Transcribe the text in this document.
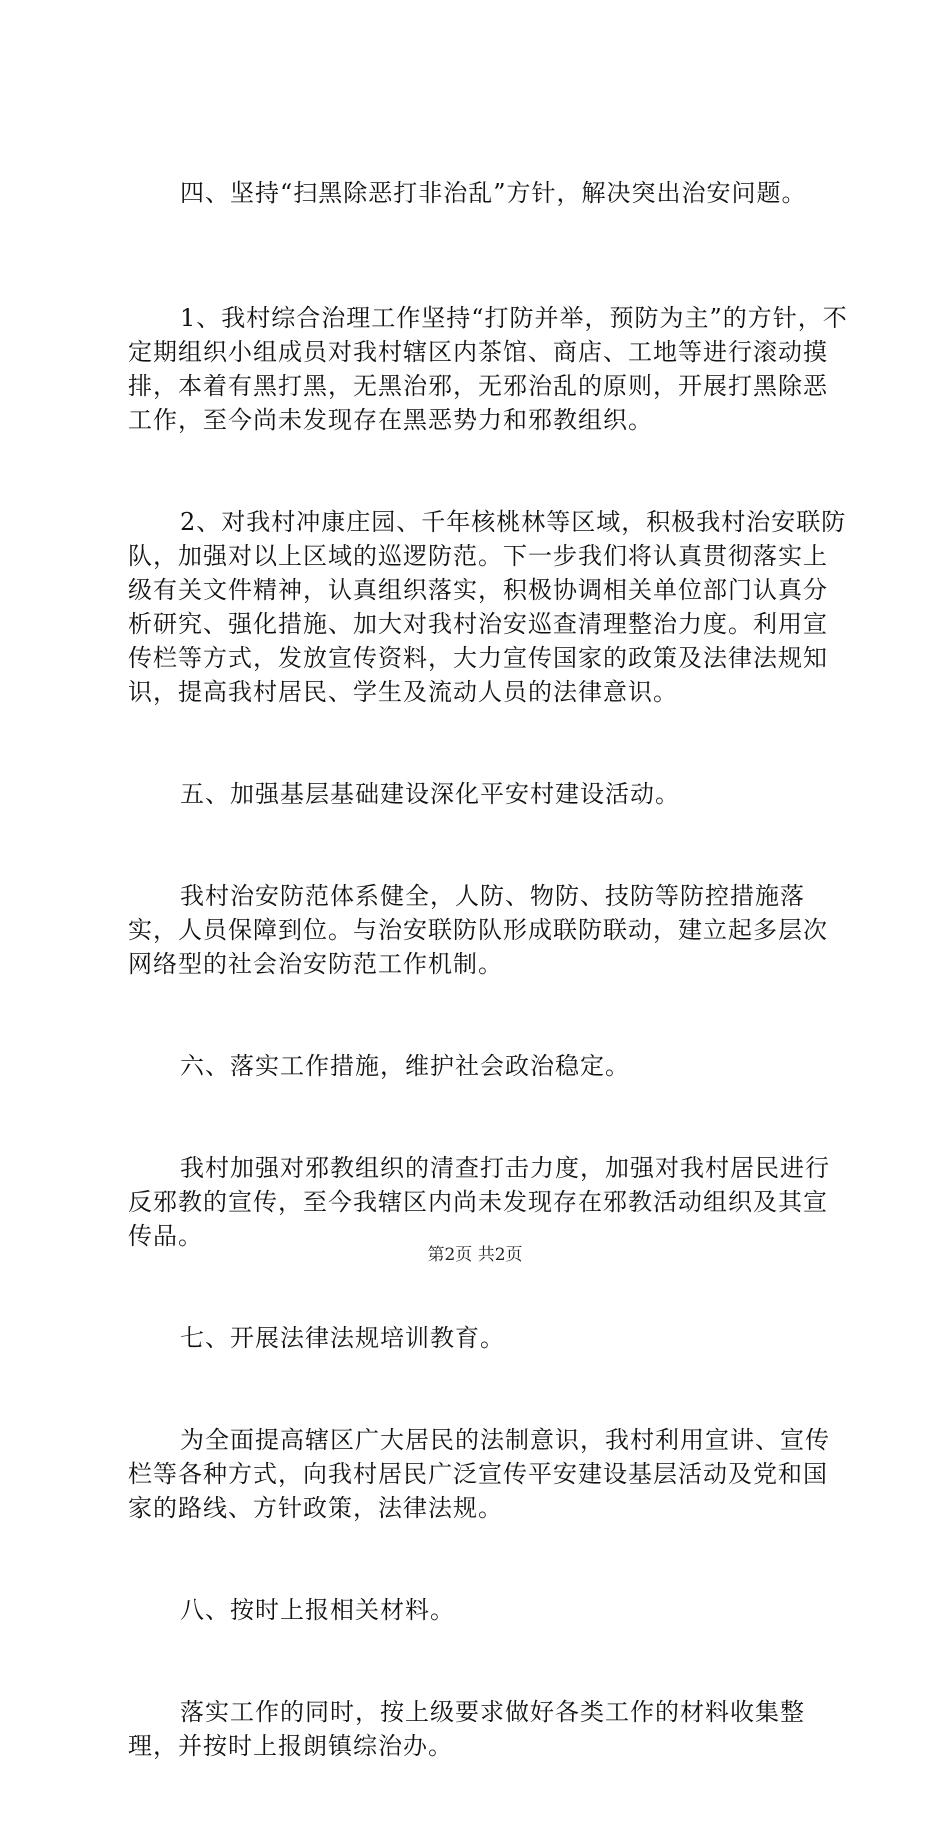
四、坚持“扫黑除恶打非治乱”方针，解决突出治安问题。

1、我村综合治理工作坚持“打防并举，预防为主”的方针，不定期组织小组成员对我村辖区内茶馆、商店、工地等进行滚动摸排，本着有黑打黑，无黑治邪，无邪治乱的原则，开展打黑除恶工作，至今尚未发现存在黑恶势力和邪教组织。

2、对我村冲康庄园、千年核桃林等区域，积极我村治安联防队，加强对以上区域的巡逻防范。下一步我们将认真贯彻落实上级有关文件精神，认真组织落实，积极协调相关单位部门认真分析研究、强化措施、加大对我村治安巡查清理整治力度。利用宣传栏等方式，发放宣传资料，大力宣传国家的政策及法律法规知识，提高我村居民、学生及流动人员的法律意识。

五、加强基层基础建设深化平安村建设活动。

我村治安防范体系健全，人防、物防、技防等防控措施落实，人员保障到位。与治安联防队形成联防联动，建立起多层次网络型的社会治安防范工作机制。

六、落实工作措施，维护社会政治稳定。

我村加强对邪教组织的清查打击力度，加强对我村居民进行反邪教的宣传，至今我辖区内尚未发现存在邪教活动组织及其宣传品。

七、开展法律法规培训教育。

为全面提高辖区广大居民的法制意识，我村利用宣讲、宣传栏等各种方式，向我村居民广泛宣传平安建设基层活动及党和国家的路线、方针政策，法律法规。

八、按时上报相关材料。

落实工作的同时，按上级要求做好各类工作的材料收集整理，并按时上报朗镇综治办。

第2页 共2页
